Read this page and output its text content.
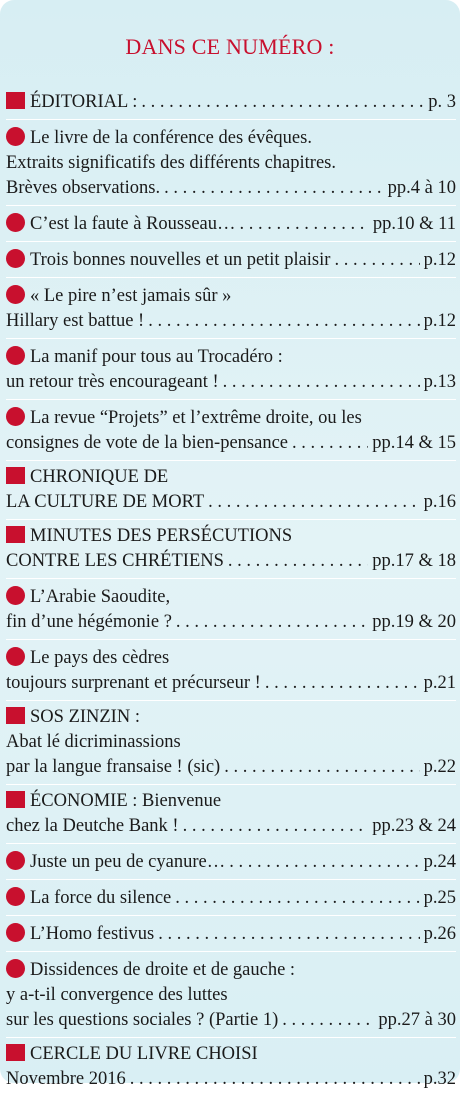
DANS CE NUMÉRO :
ÉDITORIAL : . . .	p. 3
Le livre de la conférence des évêques.
Extraits significatifs des différents chapitres.
Brèves observations. . . .	pp.4 à 10
C’est la faute à Rousseau… . . .	pp.10 & 11
Trois bonnes nouvelles et un petit plaisir . . .	p.12
« Le pire n’est jamais sûr »
Hillary est battue ! . . .	p.12
La manif pour tous au Trocadéro :
un retour très encourageant ! . . .	p.13
La revue “Projets” et l’extrême droite, ou les
consignes de vote de la bien-pensance . . .	pp.14 & 15
CHRONIQUE DE
LA CULTURE DE MORT . . .	p.16
MINUTES DES PERSÉCUTIONS
CONTRE LES CHRÉTIENS . . .	pp.17 & 18
L’Arabie Saoudite,
fin d’une hégémonie ? . . .	pp.19 & 20
Le pays des cèdres
toujours surprenant et précurseur ! . . .	p.21
SOS ZINZIN :
Abat lé dicriminassions
par la langue fransaise ! (sic) . . .	p.22
ÉCONOMIE : Bienvenue
chez la Deutche Bank ! . . .	pp.23 & 24
Juste un peu de cyanure… . . .	p.24
La force du silence . . .	p.25
L’Homo festivus . . .	p.26
Dissidences de droite et de gauche :
y a-t-il convergence des luttes
sur les questions sociales ? (Partie 1) . . .	pp.27 à 30
CERCLE DU LIVRE CHOISI
Novembre 2016 . . .	p.32
